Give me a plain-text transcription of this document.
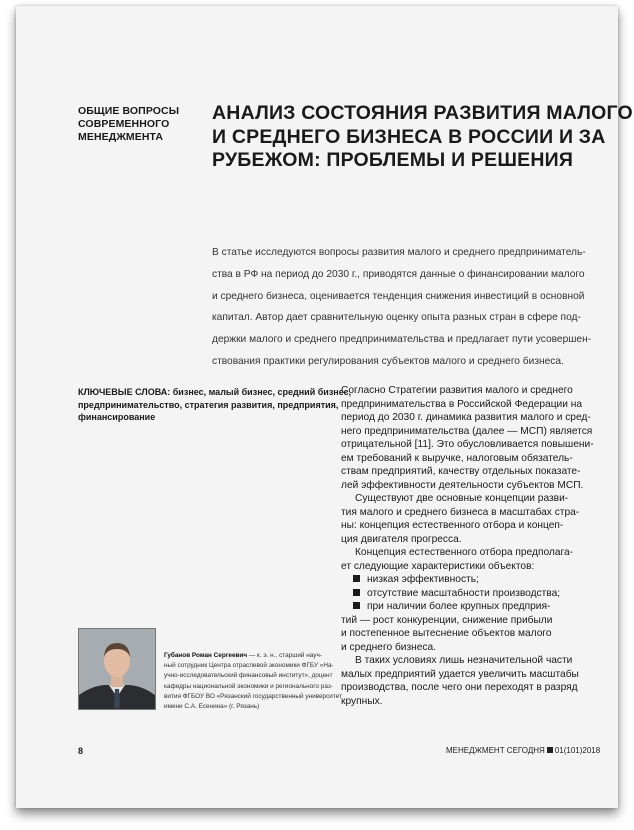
ОБЩИЕ ВОПРОСЫ
СОВРЕМЕННОГО
МЕНЕДЖМЕНТА
АНАЛИЗ СОСТОЯНИЯ РАЗВИТИЯ МАЛОГО
И СРЕДНЕГО БИЗНЕСА В РОССИИ И ЗА
РУБЕЖОМ: ПРОБЛЕМЫ И РЕШЕНИЯ
В статье исследуются вопросы развития малого и среднего предприниматель-
ства в РФ на период до 2030 г., приводятся данные о финансировании малого
и среднего бизнеса, оценивается тенденция снижения инвестиций в основной
капитал. Автор дает сравнительную оценку опыта разных стран в сфере под-
держки малого и среднего предпринимательства и предлагает пути усовершен-
ствования практики регулирования субъектов малого и среднего бизнеса.
КЛЮЧЕВЫЕ СЛОВА: бизнес, малый бизнес, средний бизнес,
предпринимательство, стратегия развития, предприятия,
финансирование
Согласно Стратегии развития малого и среднего
предпринимательства в Российской Федерации на
период до 2030 г. динамика развития малого и сред-
него предпринимательства (далее — МСП) является
отрицательной [11]. Это обусловливается повышени-
ем требований к выручке, налоговым обязатель-
ствам предприятий, качеству отдельных показате-
лей эффективности деятельности субъектов МСП.
Существуют две основные концепции разви-
тия малого и среднего бизнеса в масштабах стра-
ны: концепция естественного отбора и концеп-
ция двигателя прогресса.
Концепция естественного отбора предполага-
ет следующие характеристики объектов:
низкая эффективность;
отсутствие масштабности производства;
при наличии более крупных предприя-
тий — рост конкуренции, снижение прибыли
и постепенное вытеснение объектов малого
и среднего бизнеса.
В таких условиях лишь незначительной части
малых предприятий удается увеличить масштабы
производства, после чего они переходят в разряд
крупных.
Губанов Роман Сергеевич — к. э. н., старший науч-
ный сотрудник Центра отраслевой экономики ФГБУ «На-
учно-исследовательский финансовый институт», доцент
кафедры национальной экономики и регионального раз-
вития ФГБОУ ВО «Рязанский государственный университет
имени С.А. Есенина» (г. Рязань)
8	МЕНЕДЖМЕНТ СЕГОДНЯ 01(101)2018
